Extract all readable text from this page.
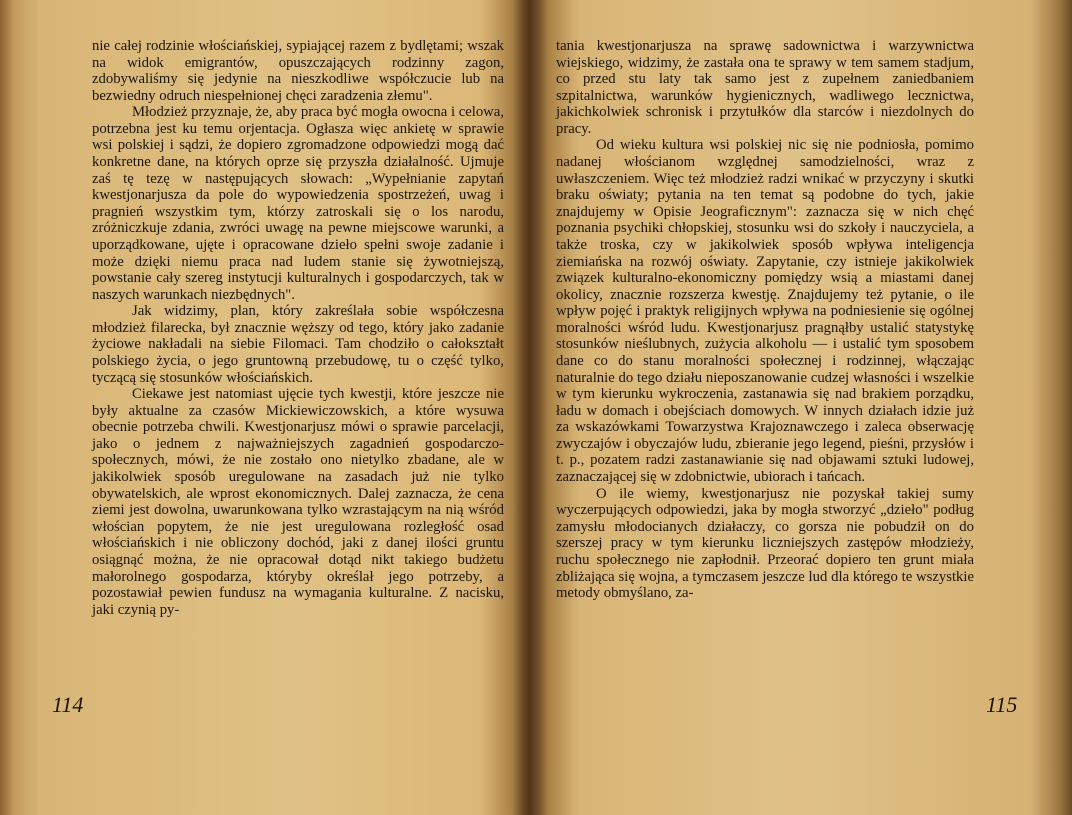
nie całej rodzinie włościańskiej, sypiającej razem z bydlętami; wszak na widok emigrantów, opuszczających rodzinny zagon, zdobywaliśmy się jedynie na nieszkodliwe współczucie lub na bezwiedny odruch niespełnionej chęci zaradzenia złemu".

Młodzież przyznaje, że, aby praca być mogła owocna i celowa, potrzebna jest ku temu orjentacja. Ogłasza więc ankietę w sprawie wsi polskiej i sądzi, że dopiero zgromadzone odpowiedzi mogą dać konkretne dane, na których oprze się przyszła działalność. Ujmuje zaś tę tezę w następujących słowach: „Wypełnianie zapytań kwestjonarjusza da pole do wypowiedzenia spostrzeżeń, uwag i pragnień wszystkim tym, którzy zatroskali się o los narodu, zróżniczkuje zdania, zwróci uwagę na pewne miejscowe warunki, a uporządkowane, ujęte i opracowane dzieło spełni swoje zadanie i może dzięki niemu praca nad ludem stanie się żywotniejszą, powstanie cały szereg instytucji kulturalnych i gospodarczych, tak w naszych warunkach niezbędnych".

Jak widzimy, plan, który zakreślała sobie współczesna młodzież filarecka, był znacznie węższy od tego, który jako zadanie życiowe nakładali na siebie Filomaci. Tam chodziło o całokształt polskiego życia, o jego gruntowną przebudowę, tu o część tylko, tyczącą się stosunków włościańskich.

Ciekawe jest natomiast ujęcie tych kwestji, które jeszcze nie były aktualne za czasów Mickiewiczowskich, a które wysuwa obecnie potrzeba chwili. Kwestjonarjusz mówi o sprawie parcelacji, jako o jednem z najważniejszych zagadnień gospodarczo-społecznych, mówi, że nie zostało ono nietylko zbadane, ale w jakikolwiek sposób uregulowane na zasadach już nie tylko obywatelskich, ale wprost ekonomicznych. Dalej zaznacza, że cena ziemi jest dowolna, uwarunkowana tylko wzrastającym na nią wśród włościan popytem, że nie jest uregulowana rozległość osad włościańskich i nie obliczony dochód, jaki z danej ilości gruntu osiągnąć można, że nie opracował dotąd nikt takiego budżetu małorolnego gospodarza, któryby określał jego potrzeby, a pozostawiał pewien fundusz na wymagania kulturalne. Z nacisku, jaki czynią py-

tania kwestjonarjusza na sprawę sadownictwa i warzywnictwa wiejskiego, widzimy, że zastała ona te sprawy w tem samem stadjum, co przed stu laty tak samo jest z zupełnem zaniedbaniem szpitalnictwa, warunków hygienicznych, wadliwego lecznictwa, jakichkolwiek schronisk i przytułków dla starców i niezdolnych do pracy.

Od wieku kultura wsi polskiej nic się nie podniosła, pomimo nadanej włościanom względnej samodzielności, wraz z uwłaszczeniem. Więc też młodzież radzi wnikać w przyczyny i skutki braku oświaty; pytania na ten temat są podobne do tych, jakie znajdujemy w Opisie Jeograficznym": zaznacza się w nich chęć poznania psychiki chłopskiej, stosunku wsi do szkoły i nauczyciela, a także troska, czy w jakikolwiek sposób wpływa inteligencja ziemiańska na rozwój oświaty. Zapytanie, czy istnieje jakikolwiek związek kulturalno-ekonomiczny pomiędzy wsią a miastami danej okolicy, znacznie rozszerza kwestję. Znajdujemy też pytanie, o ile wpływ pojęć i praktyk religijnych wpływa na podniesienie się ogólnej moralności wśród ludu. Kwestjonarjusz pragnąłby ustalić statystykę stosunków nieślubnych, zużycia alkoholu — i ustalić tym sposobem dane co do stanu moralności społecznej i rodzinnej, włączając naturalnie do tego działu nieposzanowanie cudzej własności i wszelkie w tym kierunku wykroczenia, zastanawia się nad brakiem porządku, ładu w domach i obejściach domowych. W innych działach idzie już za wskazówkami Towarzystwa Krajoznawczego i zaleca obserwację zwyczajów i obyczajów ludu, zbieranie jego legend, pieśni, przysłów i t. p., pozatem radzi zastanawianie się nad objawami sztuki ludowej, zaznaczającej się w zdobnictwie, ubiorach i tańcach.

O ile wiemy, kwestjonarjusz nie pozyskał takiej sumy wyczerpujących odpowiedzi, jaka by mogła stworzyć „dzieło" podług zamysłu młodocianych działaczy, co gorsza nie pobudził on do szerszej pracy w tym kierunku liczniejszych zastępów młodzieży, ruchu społecznego nie zapłodnił. Przeorać dopiero ten grunt miała zbliżająca się wojna, a tymczasem jeszcze lud dla którego te wszystkie metody obmyślano, za-

114	115
